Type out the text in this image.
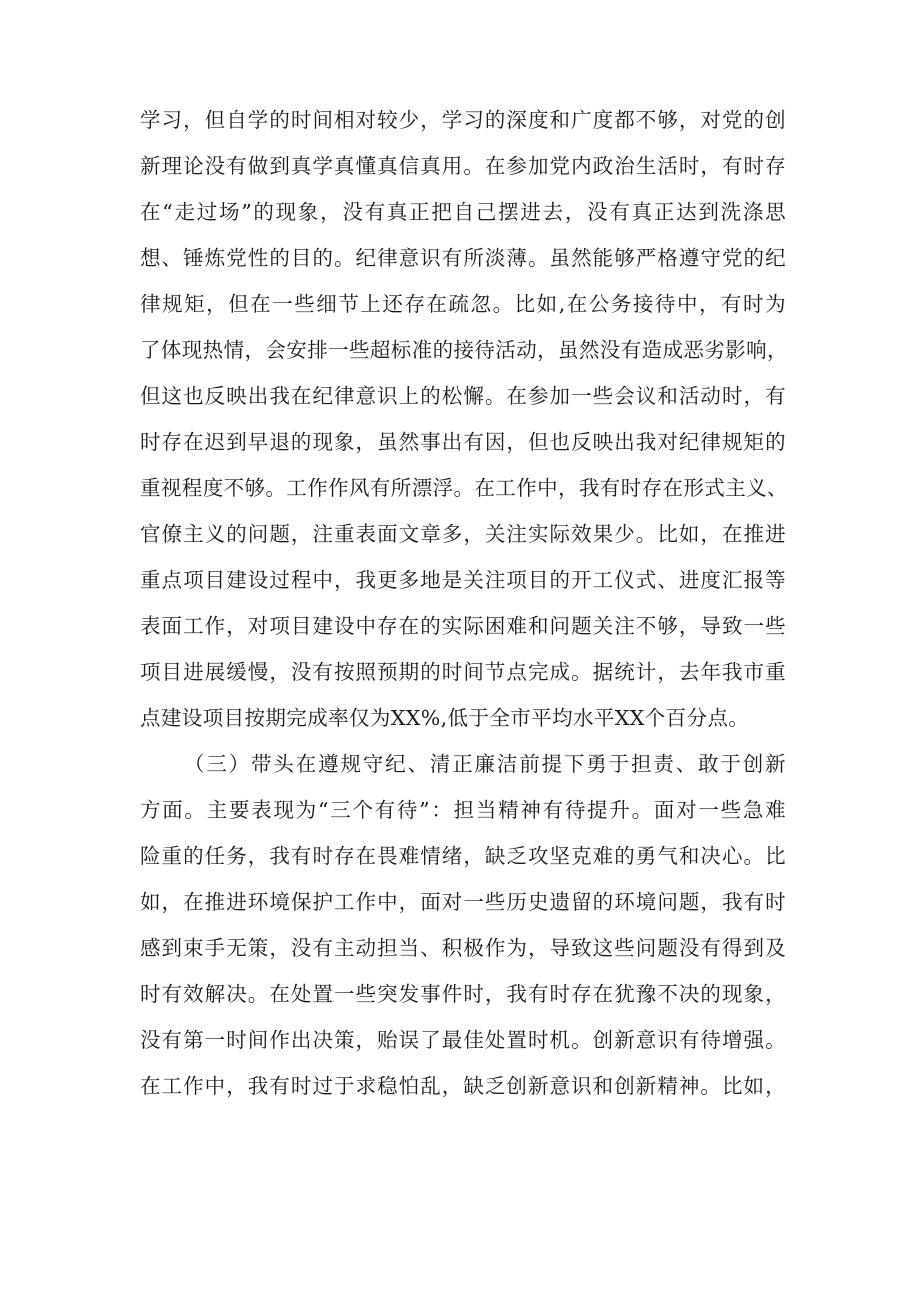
学习，但自学的时间相对较少，学习的深度和广度都不够，对党的创
新理论没有做到真学真懂真信真用。在参加党内政治生活时，有时存
在“走过场”的现象，没有真正把自己摆进去，没有真正达到洗涤思
想、锤炼党性的目的。纪律意识有所淡薄。虽然能够严格遵守党的纪
律规矩，但在一些细节上还存在疏忽。比如,在公务接待中，有时为
了体现热情，会安排一些超标准的接待活动，虽然没有造成恶劣影响，
但这也反映出我在纪律意识上的松懈。在参加一些会议和活动时，有
时存在迟到早退的现象，虽然事出有因，但也反映出我对纪律规矩的
重视程度不够。工作作风有所漂浮。在工作中，我有时存在形式主义、
官僚主义的问题，注重表面文章多，关注实际效果少。比如，在推进
重点项目建设过程中，我更多地是关注项目的开工仪式、进度汇报等
表面工作，对项目建设中存在的实际困难和问题关注不够，导致一些
项目进展缓慢，没有按照预期的时间节点完成。据统计，去年我市重
点建设项目按期完成率仅为XX%,低于全市平均水平XX个百分点。
（三）带头在遵规守纪、清正廉洁前提下勇于担责、敢于创新
方面。主要表现为“三个有待”：担当精神有待提升。面对一些急难
险重的任务，我有时存在畏难情绪，缺乏攻坚克难的勇气和决心。比
如，在推进环境保护工作中，面对一些历史遗留的环境问题，我有时
感到束手无策，没有主动担当、积极作为，导致这些问题没有得到及
时有效解决。在处置一些突发事件时，我有时存在犹豫不决的现象，
没有第一时间作出决策，贻误了最佳处置时机。创新意识有待增强。
在工作中，我有时过于求稳怕乱，缺乏创新意识和创新精神。比如，
